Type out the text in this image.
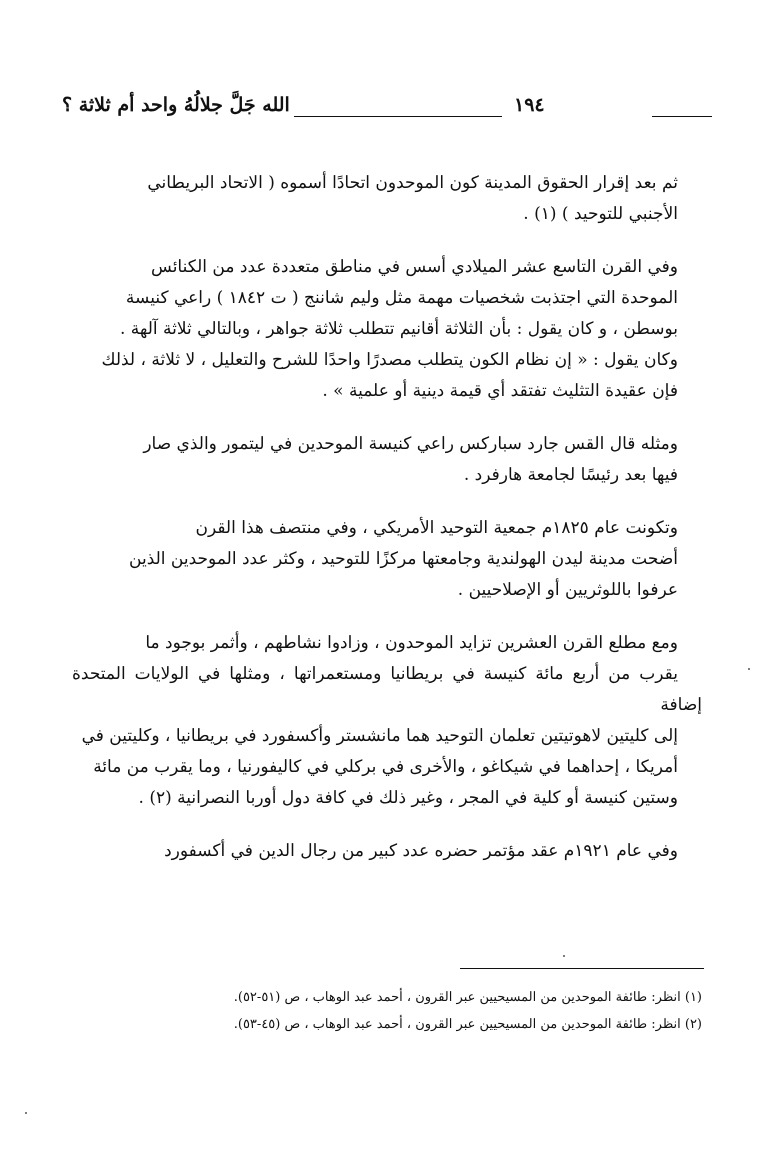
الله جَلَّ جلالُهُ واحد أم ثلاثة ؟	١٩٤

ثم بعد إقرار الحقوق المدينة كون الموحدون اتحادًا أسموه ( الاتحاد البريطاني
الأجنبي للتوحيد ) (١) .

وفي القرن التاسع عشر الميلادي أسس في مناطق متعددة عدد من الكنائس
الموحدة التي اجتذبت شخصيات مهمة مثل وليم شاننج ( ت ١٨٤٢ ) راعي كنيسة
بوسطن ، و كان يقول : بأن الثلاثة أقانيم تتطلب ثلاثة جواهر ، وبالتالي ثلاثة آلهة .
وكان يقول : « إن نظام الكون يتطلب مصدرًا واحدًا للشرح والتعليل ، لا ثلاثة ، لذلك
فإن عقيدة التثليث تفتقد أي قيمة دينية أو علمية » .

ومثله قال القس جارد سباركس راعي كنيسة الموحدين في ليتمور والذي صار
فيها بعد رئيسًا لجامعة هارفرد .

وتكونت عام ١٨٢٥م جمعية التوحيد الأمريكي ، وفي منتصف هذا القرن
أضحت مدينة ليدن الهولندية وجامعتها مركزًا للتوحيد ، وكثر عدد الموحدين الذين
عرفوا باللوثريين أو الإصلاحيين .

ومع مطلع القرن العشرين تزايد الموحدون ، وزادوا نشاطهم ، وأثمر بوجود ما
يقرب من أربع مائة كنيسة في بريطانيا ومستعمراتها ، ومثلها في الولايات المتحدة إضافة
إلى كليتين لاهوتيتين تعلمان التوحيد هما مانشستر وأكسفورد في بريطانيا ، وكليتين في
أمريكا ، إحداهما في شيكاغو ، والأخرى في بركلي في كاليفورنيا ، وما يقرب من مائة
وستين كنيسة أو كلية في المجر ، وغير ذلك في كافة دول أوربا النصرانية (٢) .

وفي عام ١٩٢١م عقد مؤتمر حضره عدد كبير من رجال الدين في أكسفورد

(١) انظر: طائفة الموحدين من المسيحيين عبر القرون ، أحمد عبد الوهاب ، ص (٥١-٥٢).
(٢) انظر: طائفة الموحدين من المسيحيين عبر القرون ، أحمد عبد الوهاب ، ص (٤٥-٥٣).
